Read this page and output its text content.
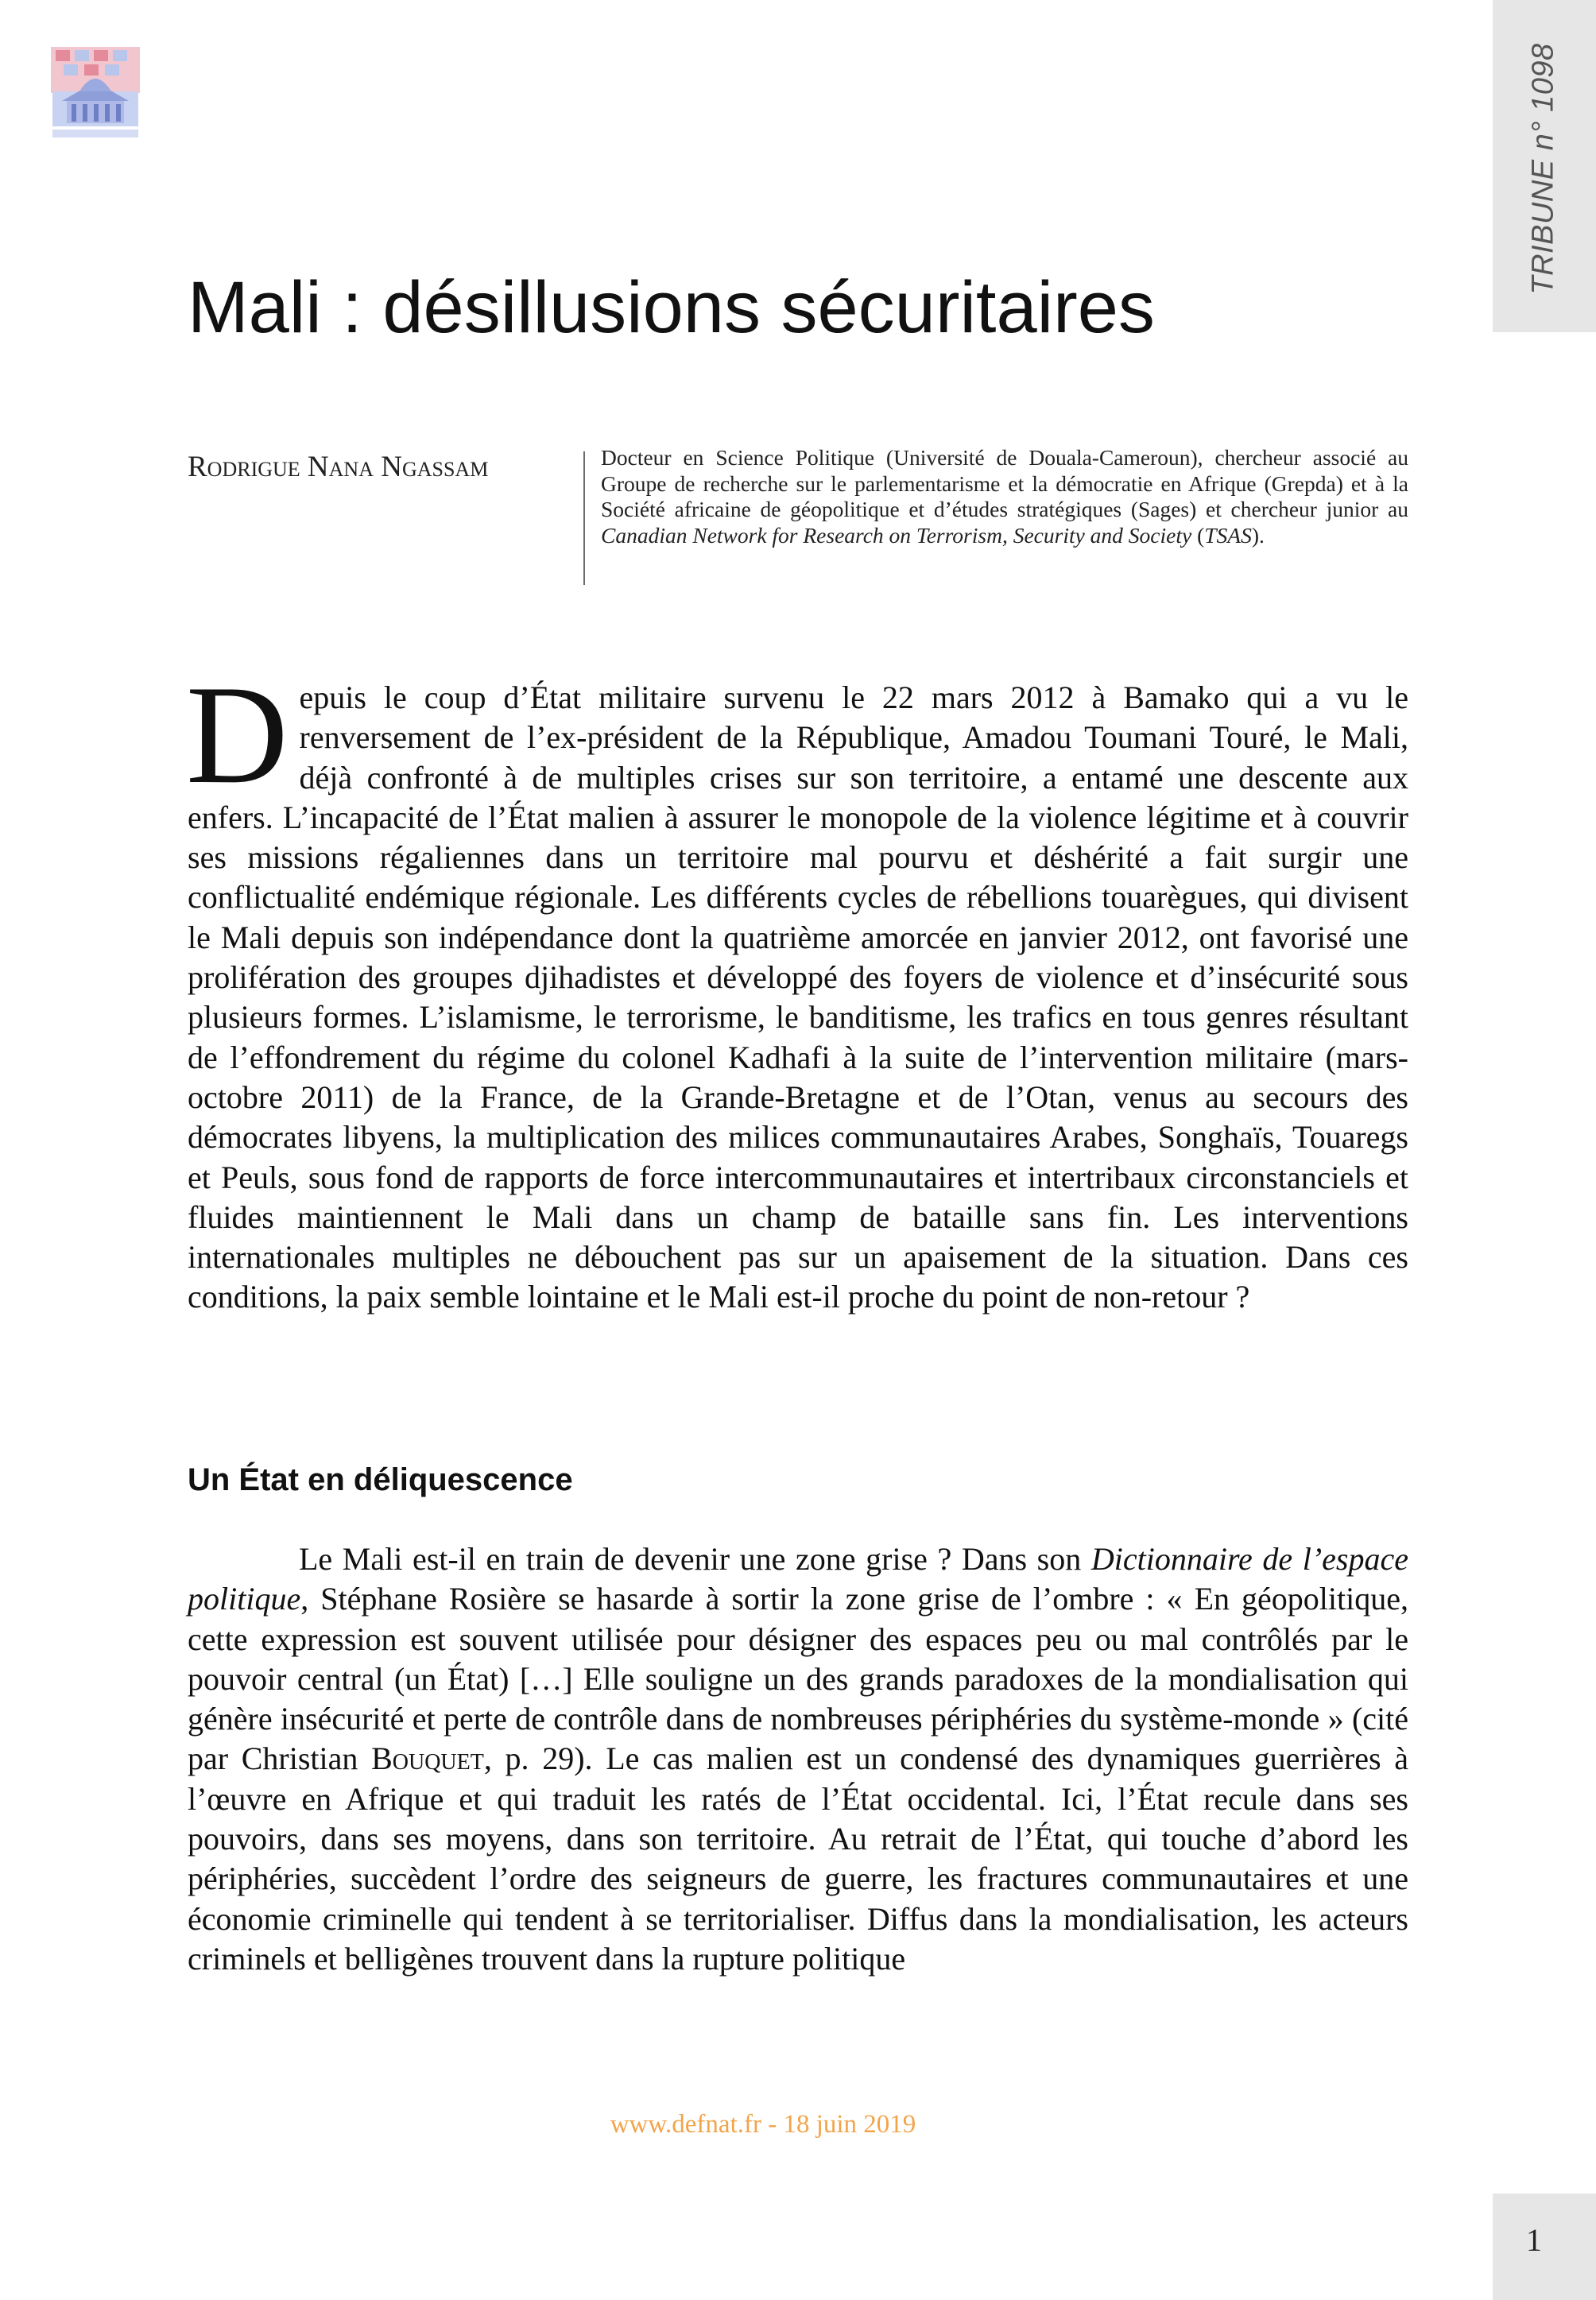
TRIBUNE n° 1098
Mali : désillusions sécuritaires
Rodrigue Nana Ngassam	Docteur en Science Politique (Université de Douala-Cameroun), chercheur associé au Groupe de recherche sur le parlementarisme et la démocratie en Afrique (Grepda) et à la Société africaine de géopolitique et d’études stratégiques (Sages) et chercheur junior au Canadian Network for Research on Terrorism, Security and Society (TSAS).

Depuis le coup d’État militaire survenu le 22 mars 2012 à Bamako qui a vu le renversement de l’ex-président de la République, Amadou Toumani Touré, le Mali, déjà confronté à de multiples crises sur son territoire, a entamé une descente aux enfers. L’incapacité de l’État malien à assurer le monopole de la violence légitime et à couvrir ses missions régaliennes dans un territoire mal pourvu et déshérité a fait surgir une conflictualité endémique régionale. Les différents cycles de rébellions touarègues, qui divisent le Mali depuis son indépendance dont la quatrième amorcée en janvier 2012, ont favorisé une prolifération des groupes djihadistes et développé des foyers de violence et d’insécurité sous plusieurs formes. L’islamisme, le terrorisme, le banditisme, les trafics en tous genres résultant de l’effondrement du régime du colonel Kadhafi à la suite de l’intervention militaire (mars-octobre 2011) de la France, de la Grande-Bretagne et de l’Otan, venus au secours des démocrates libyens, la multiplication des milices communautaires Arabes, Songhaïs, Touaregs et Peuls, sous fond de rapports de force intercommunautaires et intertribaux circonstanciels et fluides maintiennent le Mali dans un champ de bataille sans fin. Les interventions internationales multiples ne débouchent pas sur un apaisement de la situation. Dans ces conditions, la paix semble lointaine et le Mali est-il proche du point de non-retour ?

Un État en déliquescence

Le Mali est-il en train de devenir une zone grise ? Dans son Dictionnaire de l’espace politique, Stéphane Rosière se hasarde à sortir la zone grise de l’ombre : « En géopolitique, cette expression est souvent utilisée pour désigner des espaces peu ou mal contrôlés par le pouvoir central (un État) […] Elle souligne un des grands paradoxes de la mondialisation qui génère insécurité et perte de contrôle dans de nombreuses périphéries du système-monde » (cité par Christian Bouquet, p. 29). Le cas malien est un condensé des dynamiques guerrières à l’œuvre en Afrique et qui traduit les ratés de l’État occidental. Ici, l’État recule dans ses pouvoirs, dans ses moyens, dans son territoire. Au retrait de l’État, qui touche d’abord les périphéries, succèdent l’ordre des seigneurs de guerre, les fractures communautaires et une économie criminelle qui tendent à se territorialiser. Diffus dans la mondialisation, les acteurs criminels et belligènes trouvent dans la rupture politique

www.defnat.fr - 18 juin 2019
1
